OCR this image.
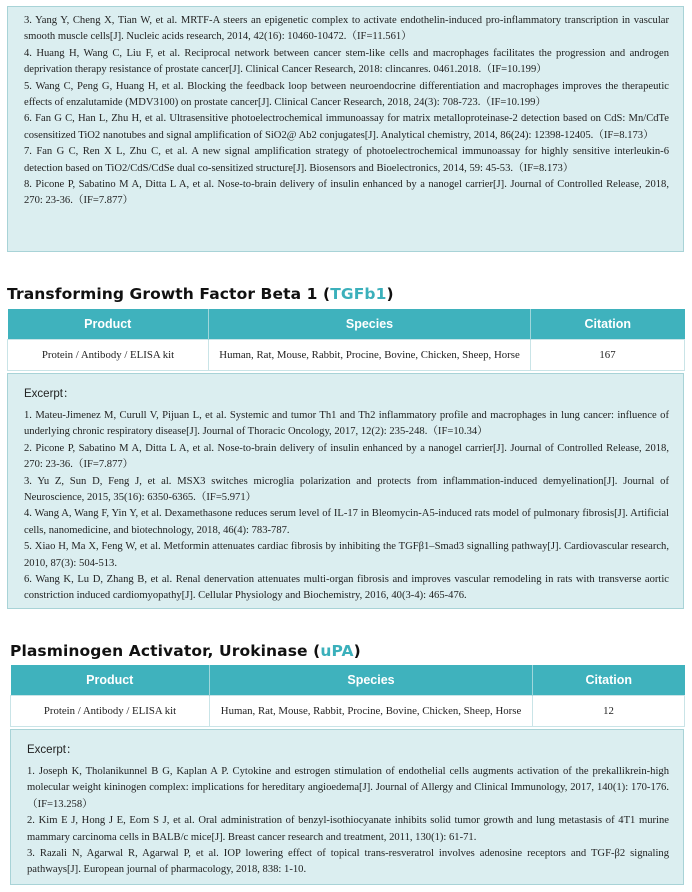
3. Yang Y, Cheng X, Tian W, et al. MRTF-A steers an epigenetic complex to activate endothelin-induced pro-inflammatory transcription in vascular smooth muscle cells[J]. Nucleic acids research, 2014, 42(16): 10460-10472.（IF=11.561）

4. Huang H, Wang C, Liu F, et al. Reciprocal network between cancer stem-like cells and macrophages facilitates the progression and androgen deprivation therapy resistance of prostate cancer[J]. Clinical Cancer Research, 2018: clincanres. 0461.2018.（IF=10.199）

5. Wang C, Peng G, Huang H, et al. Blocking the feedback loop between neuroendocrine differentiation and macrophages improves the therapeutic effects of enzalutamide (MDV3100) on prostate cancer[J]. Clinical Cancer Research, 2018, 24(3): 708-723.（IF=10.199）

6. Fan G C, Han L, Zhu H, et al. Ultrasensitive photoelectrochemical immunoassay for matrix metalloproteinase-2 detection based on CdS: Mn/CdTe cosensitized TiO2 nanotubes and signal amplification of SiO2@ Ab2 conjugates[J]. Analytical chemistry, 2014, 86(24): 12398-12405.（IF=8.173）

7. Fan G C, Ren X L, Zhu C, et al. A new signal amplification strategy of photoelectrochemical immunoassay for highly sensitive interleukin-6 detection based on TiO2/CdS/CdSe dual co-sensitized structure[J]. Biosensors and Bioelectronics, 2014, 59: 45-53.（IF=8.173）

8. Picone P, Sabatino M A, Ditta L A, et al. Nose-to-brain delivery of insulin enhanced by a nanogel carrier[J]. Journal of Controlled Release, 2018, 270: 23-36.（IF=7.877）

Transforming Growth Factor Beta 1 (TGFb1)
Product	Species	Citation
Protein / Antibody / ELISA kit	Human, Rat, Mouse, Rabbit, Procine, Bovine, Chicken, Sheep, Horse	167
Excerpt：

1. Mateu-Jimenez M, Curull V, Pijuan L, et al. Systemic and tumor Th1 and Th2 inflammatory profile and macrophages in lung cancer: influence of underlying chronic respiratory disease[J]. Journal of Thoracic Oncology, 2017, 12(2): 235-248.（IF=10.34）

2. Picone P, Sabatino M A, Ditta L A, et al. Nose-to-brain delivery of insulin enhanced by a nanogel carrier[J]. Journal of Controlled Release, 2018, 270: 23-36.（IF=7.877）

3. Yu Z, Sun D, Feng J, et al. MSX3 switches microglia polarization and protects from inflammation-induced demyelination[J]. Journal of Neuroscience, 2015, 35(16): 6350-6365.（IF=5.971）

4. Wang A, Wang F, Yin Y, et al. Dexamethasone reduces serum level of IL-17 in Bleomycin-A5-induced rats model of pulmonary fibrosis[J]. Artificial cells, nanomedicine, and biotechnology, 2018, 46(4): 783-787.

5. Xiao H, Ma X, Feng W, et al. Metformin attenuates cardiac fibrosis by inhibiting the TGFβ1–Smad3 signalling pathway[J]. Cardiovascular research, 2010, 87(3): 504-513.

6. Wang K, Lu D, Zhang B, et al. Renal denervation attenuates multi-organ fibrosis and improves vascular remodeling in rats with transverse aortic constriction induced cardiomyopathy[J]. Cellular Physiology and Biochemistry, 2016, 40(3-4): 465-476.

Plasminogen Activator, Urokinase (uPA)
Product	Species	Citation
Protein / Antibody / ELISA kit	Human, Rat, Mouse, Rabbit, Procine, Bovine, Chicken, Sheep, Horse	12
Excerpt：

1. Joseph K, Tholanikunnel B G, Kaplan A P. Cytokine and estrogen stimulation of endothelial cells augments activation of the prekallikrein-high molecular weight kininogen complex: implications for hereditary angioedema[J]. Journal of Allergy and Clinical Immunology, 2017, 140(1): 170-176.（IF=13.258）

2. Kim E J, Hong J E, Eom S J, et al. Oral administration of benzyl-isothiocyanate inhibits solid tumor growth and lung metastasis of 4T1 murine mammary carcinoma cells in BALB/c mice[J]. Breast cancer research and treatment, 2011, 130(1): 61-71.

3. Razali N, Agarwal R, Agarwal P, et al. IOP lowering effect of topical trans-resveratrol involves adenosine receptors and TGF-β2 signaling pathways[J]. European journal of pharmacology, 2018, 838: 1-10.
